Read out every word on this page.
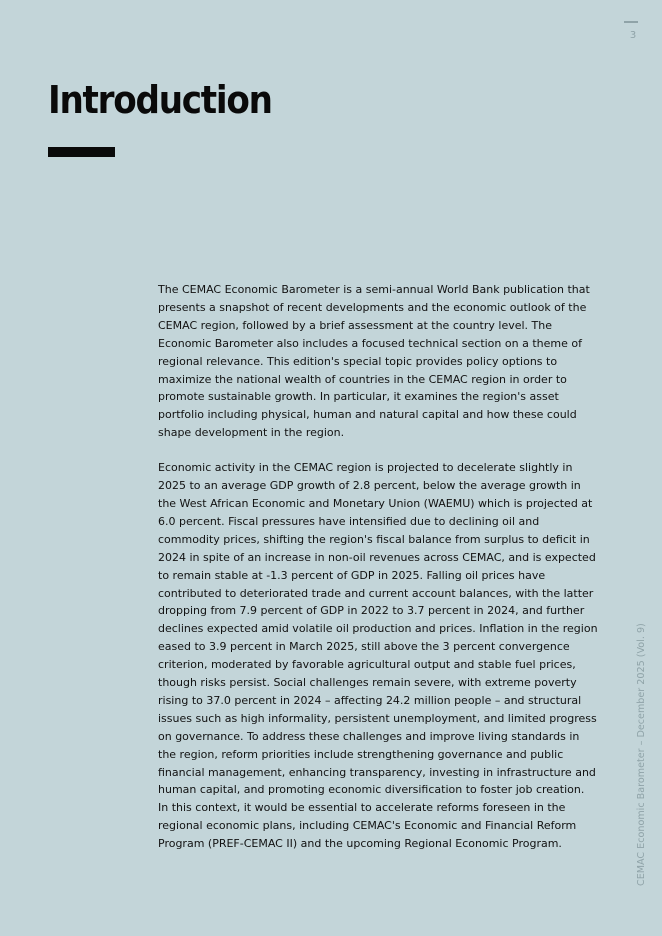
3
Introduction

The CEMAC Economic Barometer is a semi-annual World Bank publication that presents a snapshot of recent developments and the economic outlook of the CEMAC region, followed by a brief assessment at the country level. The Economic Barometer also includes a focused technical section on a theme of regional relevance. This edition's special topic provides policy options to maximize the national wealth of countries in the CEMAC region in order to promote sustainable growth. In particular, it examines the region's asset portfolio including physical, human and natural capital and how these could shape development in the region.

Economic activity in the CEMAC region is projected to decelerate slightly in 2025 to an average GDP growth of 2.8 percent, below the average growth in the West African Economic and Monetary Union (WAEMU) which is projected at 6.0 percent. Fiscal pressures have intensified due to declining oil and commodity prices, shifting the region's fiscal balance from surplus to deficit in 2024 in spite of an increase in non-oil revenues across CEMAC, and is expected to remain stable at -1.3 percent of GDP in 2025. Falling oil prices have contributed to deteriorated trade and current account balances, with the latter dropping from 7.9 percent of GDP in 2022 to 3.7 percent in 2024, and further declines expected amid volatile oil production and prices. Inflation in the region eased to 3.9 percent in March 2025, still above the 3 percent convergence criterion, moderated by favorable agricultural output and stable fuel prices, though risks persist. Social challenges remain severe, with extreme poverty rising to 37.0 percent in 2024 – affecting 24.2 million people – and structural issues such as high informality, persistent unemployment, and limited progress on governance. To address these challenges and improve living standards in the region, reform priorities include strengthening governance and public financial management, enhancing transparency, investing in infrastructure and human capital, and promoting economic diversification to foster job creation. In this context, it would be essential to accelerate reforms foreseen in the regional economic plans, including CEMAC's Economic and Financial Reform Program (PREF-CEMAC II) and the upcoming Regional Economic Program.	CEMAC Economic Barometer – December 2025 (Vol. 9)
